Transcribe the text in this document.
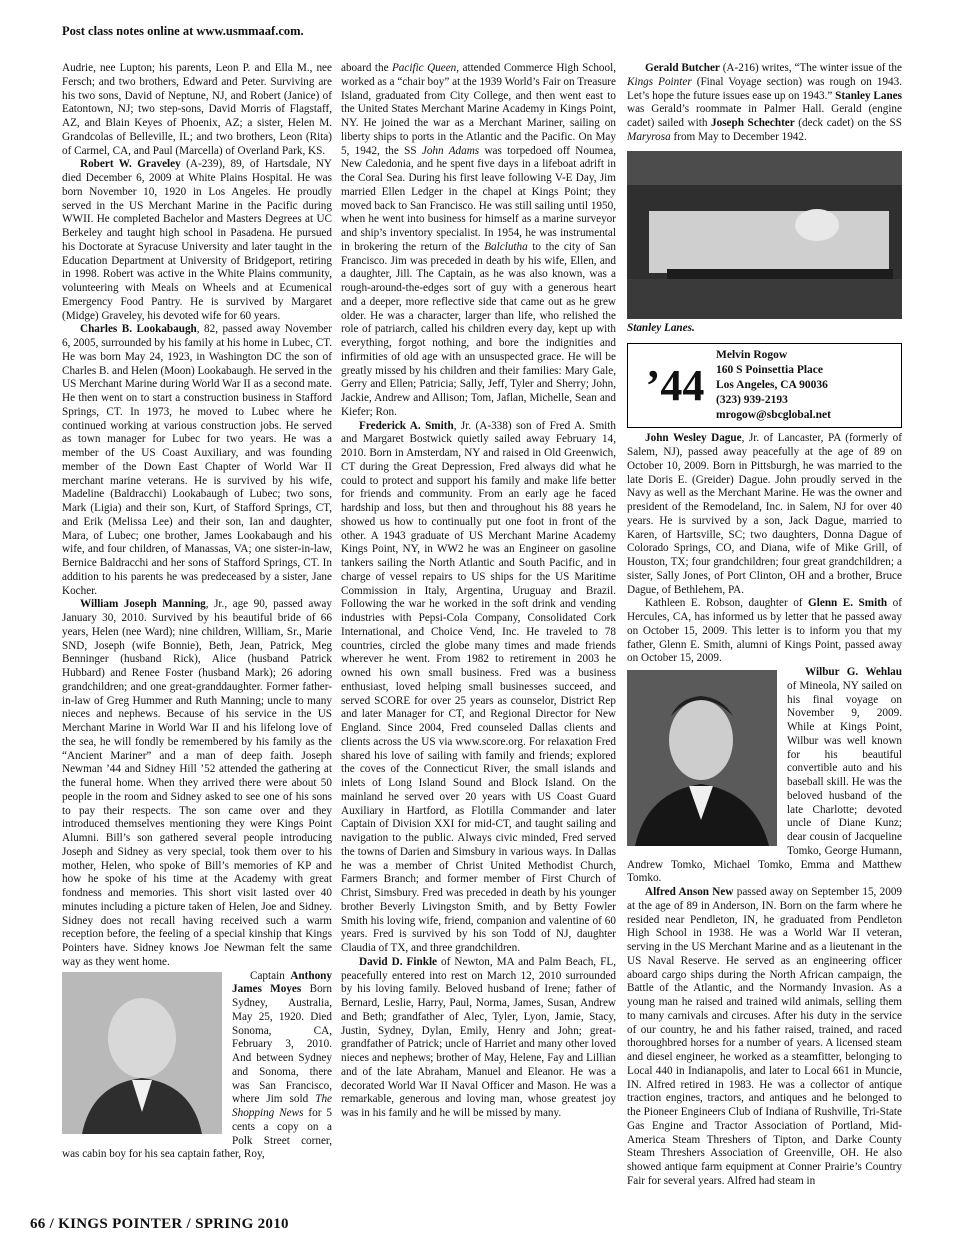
Post class notes online at www.usmmaaf.com.

Audrie, nee Lupton; his parents, Leon P. and Ella M., nee Fersch; and two brothers, Edward and Peter. Surviving are his two sons, David of Neptune, NJ, and Robert (Janice) of Eatontown, NJ; two step-sons, David Morris of Flagstaff, AZ, and Blain Keyes of Phoenix, AZ; a sister, Helen M. Grandcolas of Belleville, IL; and two brothers, Leon (Rita) of Carmel, CA, and Paul (Marcella) of Overland Park, KS.

Robert W. Graveley (A-239), 89, of Hartsdale, NY died December 6, 2009 at White Plains Hospital. He was born November 10, 1920 in Los Angeles. He proudly served in the US Merchant Marine in the Pacific during WWII. He completed Bachelor and Masters Degrees at UC Berkeley and taught high school in Pasadena. He pursued his Doctorate at Syracuse University and later taught in the Education Department at University of Bridgeport, retiring in 1998. Robert was active in the White Plains community, volunteering with Meals on Wheels and at Ecumenical Emergency Food Pantry. He is survived by Margaret (Midge) Graveley, his devoted wife for 60 years.

Charles B. Lookabaugh, 82, passed away November 6, 2005, surrounded by his family at his home in Lubec, CT. He was born May 24, 1923, in Washington DC the son of Charles B. and Helen (Moon) Lookabaugh. He served in the US Merchant Marine during World War II as a second mate. He then went on to start a construction business in Stafford Springs, CT. In 1973, he moved to Lubec where he continued working at various construction jobs. He served as town manager for Lubec for two years. He was a member of the US Coast Auxiliary, and was founding member of the Down East Chapter of World War II merchant marine veterans. He is survived by his wife, Madeline (Baldracchi) Lookabaugh of Lubec; two sons, Mark (Ligia) and their son, Kurt, of Stafford Springs, CT, and Erik (Melissa Lee) and their son, Ian and daughter, Mara, of Lubec; one brother, James Lookabaugh and his wife, and four children, of Manassas, VA; one sister-in-law, Bernice Baldracchi and her sons of Stafford Springs, CT. In addition to his parents he was predeceased by a sister, Jane Kocher.

William Joseph Manning, Jr., age 90, passed away January 30, 2010. Survived by his beautiful bride of 66 years, Helen (nee Ward); nine children, William, Sr., Marie SND, Joseph (wife Bonnie), Beth, Jean, Patrick, Meg Benninger (husband Rick), Alice (husband Patrick Hubbard) and Renee Foster (husband Mark); 26 adoring grandchildren; and one great-granddaughter. Former father-in-law of Greg Hummer and Ruth Manning; uncle to many nieces and nephews. Because of his service in the US Merchant Marine in World War II and his lifelong love of the sea, he will fondly be remembered by his family as the “Ancient Mariner” and a man of deep faith. Joseph Newman ’44 and Sidney Hill ’52 attended the gathering at the funeral home. When they arrived there were about 50 people in the room and Sidney asked to see one of his sons to pay their respects. The son came over and they introduced themselves mentioning they were Kings Point Alumni. Bill’s son gathered several people introducing Joseph and Sidney as very special, took them over to his mother, Helen, who spoke of Bill’s memories of KP and how he spoke of his time at the Academy with great fondness and memories. This short visit lasted over 40 minutes including a picture taken of Helen, Joe and Sidney. Sidney does not recall having received such a warm reception before, the feeling of a special kinship that Kings Pointers have. Sidney knows Joe Newman felt the same way as they went home.

Captain Anthony James Moyes Born Sydney, Australia, May 25, 1920. Died Sonoma, CA, February 3, 2010. And between Sydney and Sonoma, there was San Francisco, where Jim sold The Shopping News for 5 cents a copy on a Polk Street corner, was cabin boy for his sea captain father, Roy,

aboard the Pacific Queen, attended Commerce High School, worked as a “chair boy” at the 1939 World’s Fair on Treasure Island, graduated from City College, and then went east to the United States Merchant Marine Academy in Kings Point, NY. He joined the war as a Merchant Mariner, sailing on liberty ships to ports in the Atlantic and the Pacific. On May 5, 1942, the SS John Adams was torpedoed off Noumea, New Caledonia, and he spent five days in a lifeboat adrift in the Coral Sea. During his first leave following V-E Day, Jim married Ellen Ledger in the chapel at Kings Point; they moved back to San Francisco. He was still sailing until 1950, when he went into business for himself as a marine surveyor and ship’s inventory specialist. In 1954, he was instrumental in brokering the return of the Balclutha to the city of San Francisco. Jim was preceded in death by his wife, Ellen, and a daughter, Jill. The Captain, as he was also known, was a rough-around-the-edges sort of guy with a generous heart and a deeper, more reflective side that came out as he grew older. He was a character, larger than life, who relished the role of patriarch, called his children every day, kept up with everything, forgot nothing, and bore the indignities and infirmities of old age with an unsuspected grace. He will be greatly missed by his children and their families: Mary Gale, Gerry and Ellen; Patricia; Sally, Jeff, Tyler and Sherry; John, Jackie, Andrew and Allison; Tom, Jaflan, Michelle, Sean and Kiefer; Ron.

Frederick A. Smith, Jr. (A-338) son of Fred A. Smith and Margaret Bostwick quietly sailed away February 14, 2010. Born in Amsterdam, NY and raised in Old Greenwich, CT during the Great Depression, Fred always did what he could to protect and support his family and make life better for friends and community. From an early age he faced hardship and loss, but then and throughout his 88 years he showed us how to continually put one foot in front of the other. A 1943 graduate of US Merchant Marine Academy Kings Point, NY, in WW2 he was an Engineer on gasoline tankers sailing the North Atlantic and South Pacific, and in charge of vessel repairs to US ships for the US Maritime Commission in Italy, Argentina, Uruguay and Brazil. Following the war he worked in the soft drink and vending industries with Pepsi-Cola Company, Consolidated Cork International, and Choice Vend, Inc. He traveled to 78 countries, circled the globe many times and made friends wherever he went. From 1982 to retirement in 2003 he owned his own small business. Fred was a business enthusiast, loved helping small businesses succeed, and served SCORE for over 25 years as counselor, District Rep and later Manager for CT, and Regional Director for New England. Since 2004, Fred counseled Dallas clients and clients across the US via www.score.org. For relaxation Fred shared his love of sailing with family and friends; explored the coves of the Connecticut River, the small islands and inlets of Long Island Sound and Block Island. On the mainland he served over 20 years with US Coast Guard Auxiliary in Hartford, as Flotilla Commander and later Captain of Division XXI for mid-CT, and taught sailing and navigation to the public. Always civic minded, Fred served the towns of Darien and Simsbury in various ways. In Dallas he was a member of Christ United Methodist Church, Farmers Branch; and former member of First Church of Christ, Simsbury. Fred was preceded in death by his younger brother Beverly Livingston Smith, and by Betty Fowler Smith his loving wife, friend, companion and valentine of 60 years. Fred is survived by his son Todd of NJ, daughter Claudia of TX, and three grandchildren.

David D. Finkle of Newton, MA and Palm Beach, FL, peacefully entered into rest on March 12, 2010 surrounded by his loving family. Beloved husband of Irene; father of Bernard, Leslie, Harry, Paul, Norma, James, Susan, Andrew and Beth; grandfather of Alec, Tyler, Lyon, Jamie, Stacy, Justin, Sydney, Dylan, Emily, Henry and John; great-grandfather of Patrick; uncle of Harriet and many other loved nieces and nephews; brother of May, Helene, Fay and Lillian and of the late Abraham, Manuel and Eleanor. He was a decorated World War II Naval Officer and Mason. He was a remarkable, generous and loving man, whose greatest joy was in his family and he will be missed by many.

Gerald Butcher (A-216) writes, “The winter issue of the Kings Pointer (Final Voyage section) was rough on 1943. Let’s hope the future issues ease up on 1943.” Stanley Lanes was Gerald’s roommate in Palmer Hall. Gerald (engine cadet) sailed with Joseph Schechter (deck cadet) on the SS Maryrosa from May to December 1942.

Stanley Lanes.
’44
Melvin Rogow
160 S Poinsettia Place
Los Angeles, CA 90036
(323) 939-2193
mrogow@sbcglobal.net

John Wesley Dague, Jr. of Lancaster, PA (formerly of Salem, NJ), passed away peacefully at the age of 89 on October 10, 2009. Born in Pittsburgh, he was married to the late Doris E. (Greider) Dague. John proudly served in the Navy as well as the Merchant Marine. He was the owner and president of the Remodeland, Inc. in Salem, NJ for over 40 years. He is survived by a son, Jack Dague, married to Karen, of Hartsville, SC; two daughters, Donna Dague of Colorado Springs, CO, and Diana, wife of Mike Grill, of Houston, TX; four grandchildren; four great grandchildren; a sister, Sally Jones, of Port Clinton, OH and a brother, Bruce Dague, of Bethlehem, PA.

Kathleen E. Robson, daughter of Glenn E. Smith of Hercules, CA, has informed us by letter that he passed away on October 15, 2009. This letter is to inform you that my father, Glenn E. Smith, alumni of Kings Point, passed away on October 15, 2009.

Wilbur G. Wehlau of Mineola, NY sailed on his final voyage on November 9, 2009. While at Kings Point, Wilbur was well known for his beautiful convertible auto and his baseball skill. He was the beloved husband of the late Charlotte; devoted uncle of Diane Kunz; dear cousin of Jacqueline Tomko, George Humann, Andrew Tomko, Michael Tomko, Emma and Matthew Tomko.

Alfred Anson New passed away on September 15, 2009 at the age of 89 in Anderson, IN. Born on the farm where he resided near Pendleton, IN, he graduated from Pendleton High School in 1938. He was a World War II veteran, serving in the US Merchant Marine and as a lieutenant in the US Naval Reserve. He served as an engineering officer aboard cargo ships during the North African campaign, the Battle of the Atlantic, and the Normandy Invasion. As a young man he raised and trained wild animals, selling them to many carnivals and circuses. After his duty in the service of our country, he and his father raised, trained, and raced thoroughbred horses for a number of years. A licensed steam and diesel engineer, he worked as a steamfitter, belonging to Local 440 in Indianapolis, and later to Local 661 in Muncie, IN. Alfred retired in 1983. He was a collector of antique traction engines, tractors, and antiques and he belonged to the Pioneer Engineers Club of Indiana of Rushville, Tri-State Gas Engine and Tractor Association of Portland, Mid-America Steam Threshers of Tipton, and Darke County Steam Threshers Association of Greenville, OH. He also showed antique farm equipment at Conner Prairie’s Country Fair for several years. Alfred had steam in

66 / KINGS POINTER / SPRING 2010
